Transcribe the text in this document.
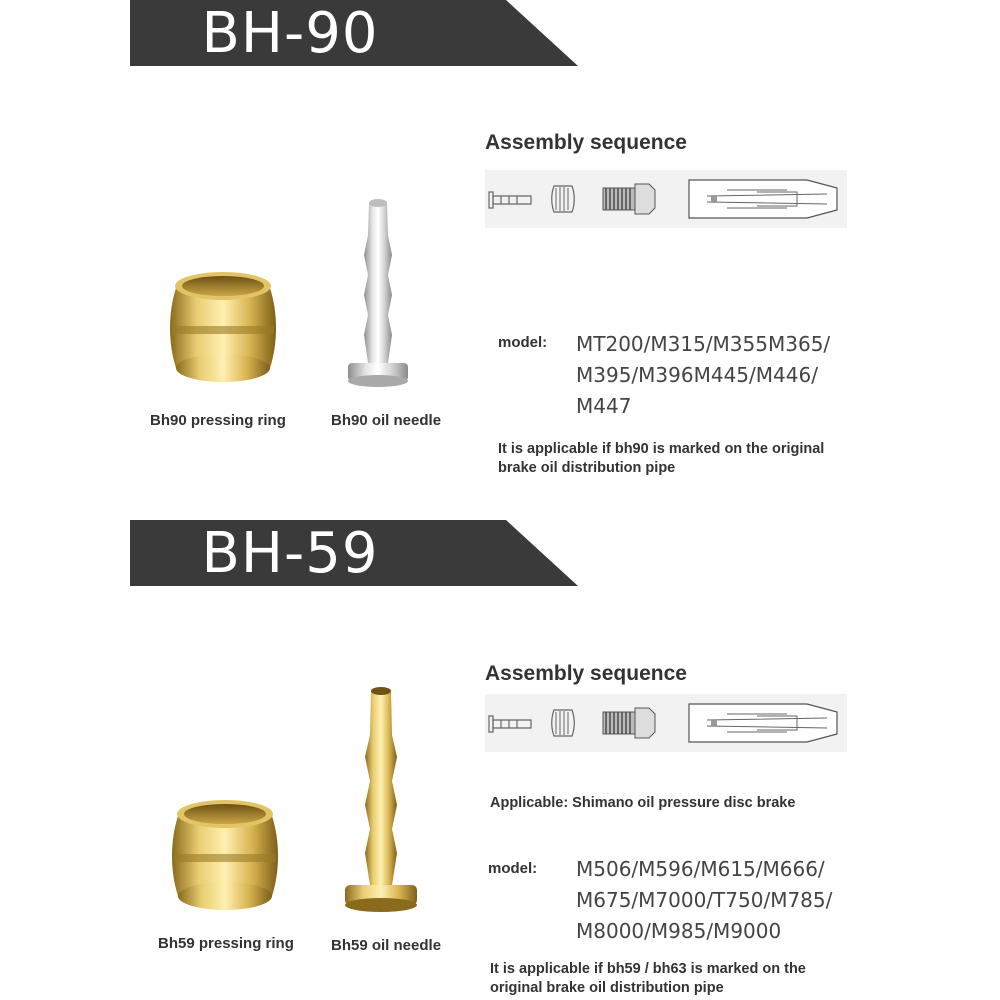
BH-90
Bh90 pressing ring	Bh90 oil needle
Assembly sequence
model: MT200/M315/M355M365/
M395/M396M445/M446/
M447
It is applicable if bh90 is marked on the original
brake oil distribution pipe
BH-59
Bh59 pressing ring Bh59 oil needle
Assembly sequence
Applicable: Shimano oil pressure disc brake
model: M506/M596/M615/M666/
M675/M7000/T750/M785/
M8000/M985/M9000
It is applicable if bh59 / bh63 is marked on the
original brake oil distribution pipe
